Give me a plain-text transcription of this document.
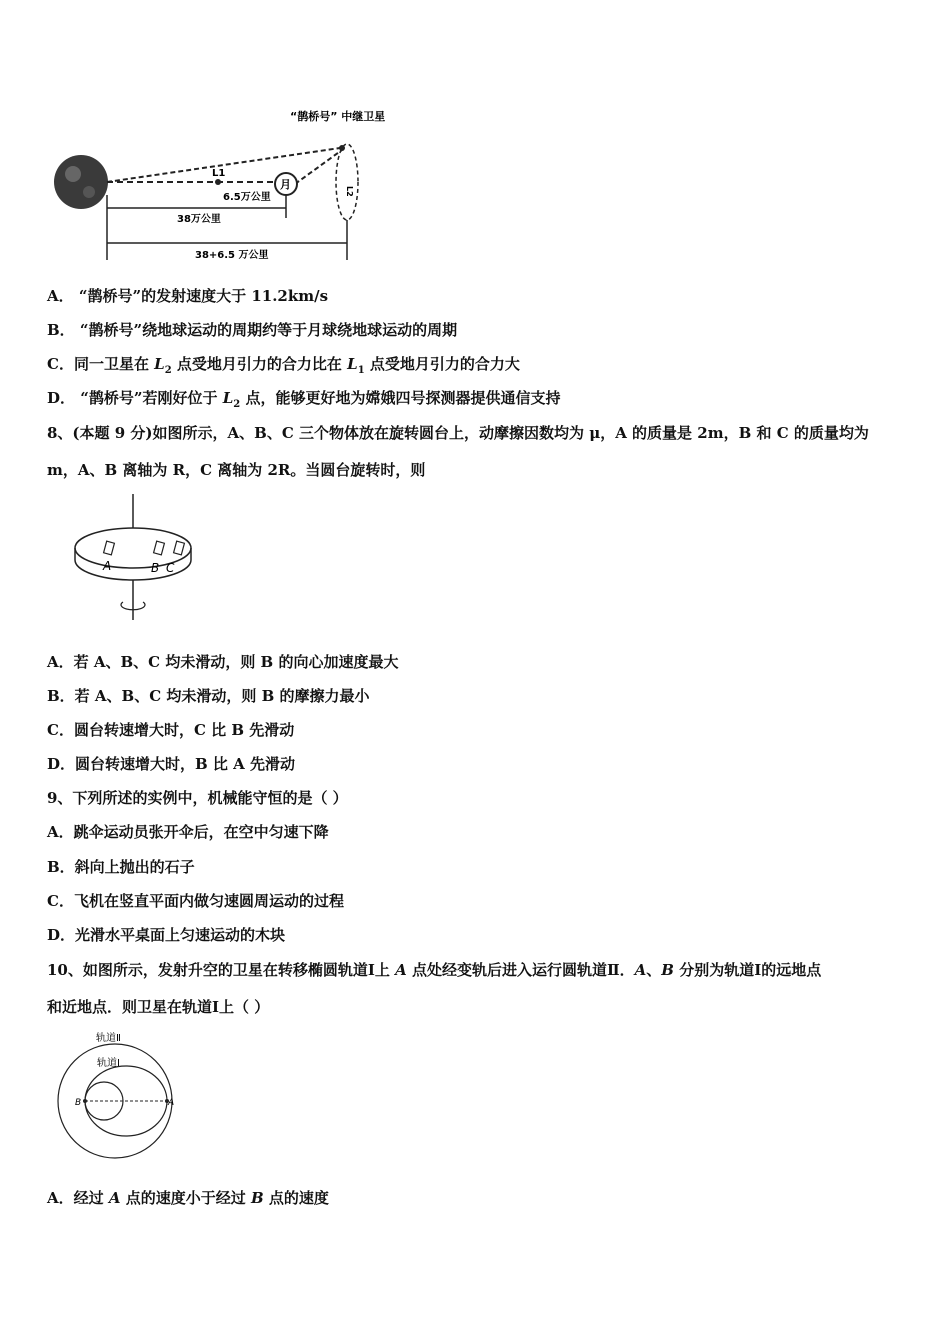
L1
月
“鹊桥号” 中继卫星
L2
6.5万公里
38万公里
38+6.5 万公里
A． “鹊桥号”的发射速度大于 11.2km/s
B． “鹊桥号”绕地球运动的周期约等于月球绕地球运动的周期
C．同一卫星在 $L_2$ 点受地月引力的合力比在 $L_1$ 点受地月引力的合力大
D． “鹊桥号”若刚好位于 $L_2$ 点，能够更好地为嫦娥四号探测器提供通信支持
8、(本题 9 分)如图所示，A、B、C 三个物体放在旋转圆台上，动摩擦因数均为 μ，A 的质量是 2m，B 和 C 的质量均为
m，A、B 离轴为 R，C 离轴为 2R。当圆台旋转时，则
A	B C
A．若 A、B、C 均未滑动，则 B 的向心加速度最大
B．若 A、B、C 均未滑动，则 B 的摩擦力最小
C．圆台转速增大时，C 比 B 先滑动
D．圆台转速增大时，B 比 A 先滑动
9、下列所述的实例中，机械能守恒的是（ ）
A．跳伞运动员张开伞后，在空中匀速下降
B．斜向上抛出的石子
C．飞机在竖直平面内做匀速圆周运动的过程
D．光滑水平桌面上匀速运动的木块
10、如图所示，发射升空的卫星在转移椭圆轨道Ⅰ上 A 点处经变轨后进入运行圆轨道Ⅱ．A、B 分别为轨道Ⅰ的远地点
和近地点．则卫星在轨道Ⅰ上（ ）
轨道Ⅱ
轨道Ⅰ
B	A
A．经过 A 点的速度小于经过 B 点的速度
